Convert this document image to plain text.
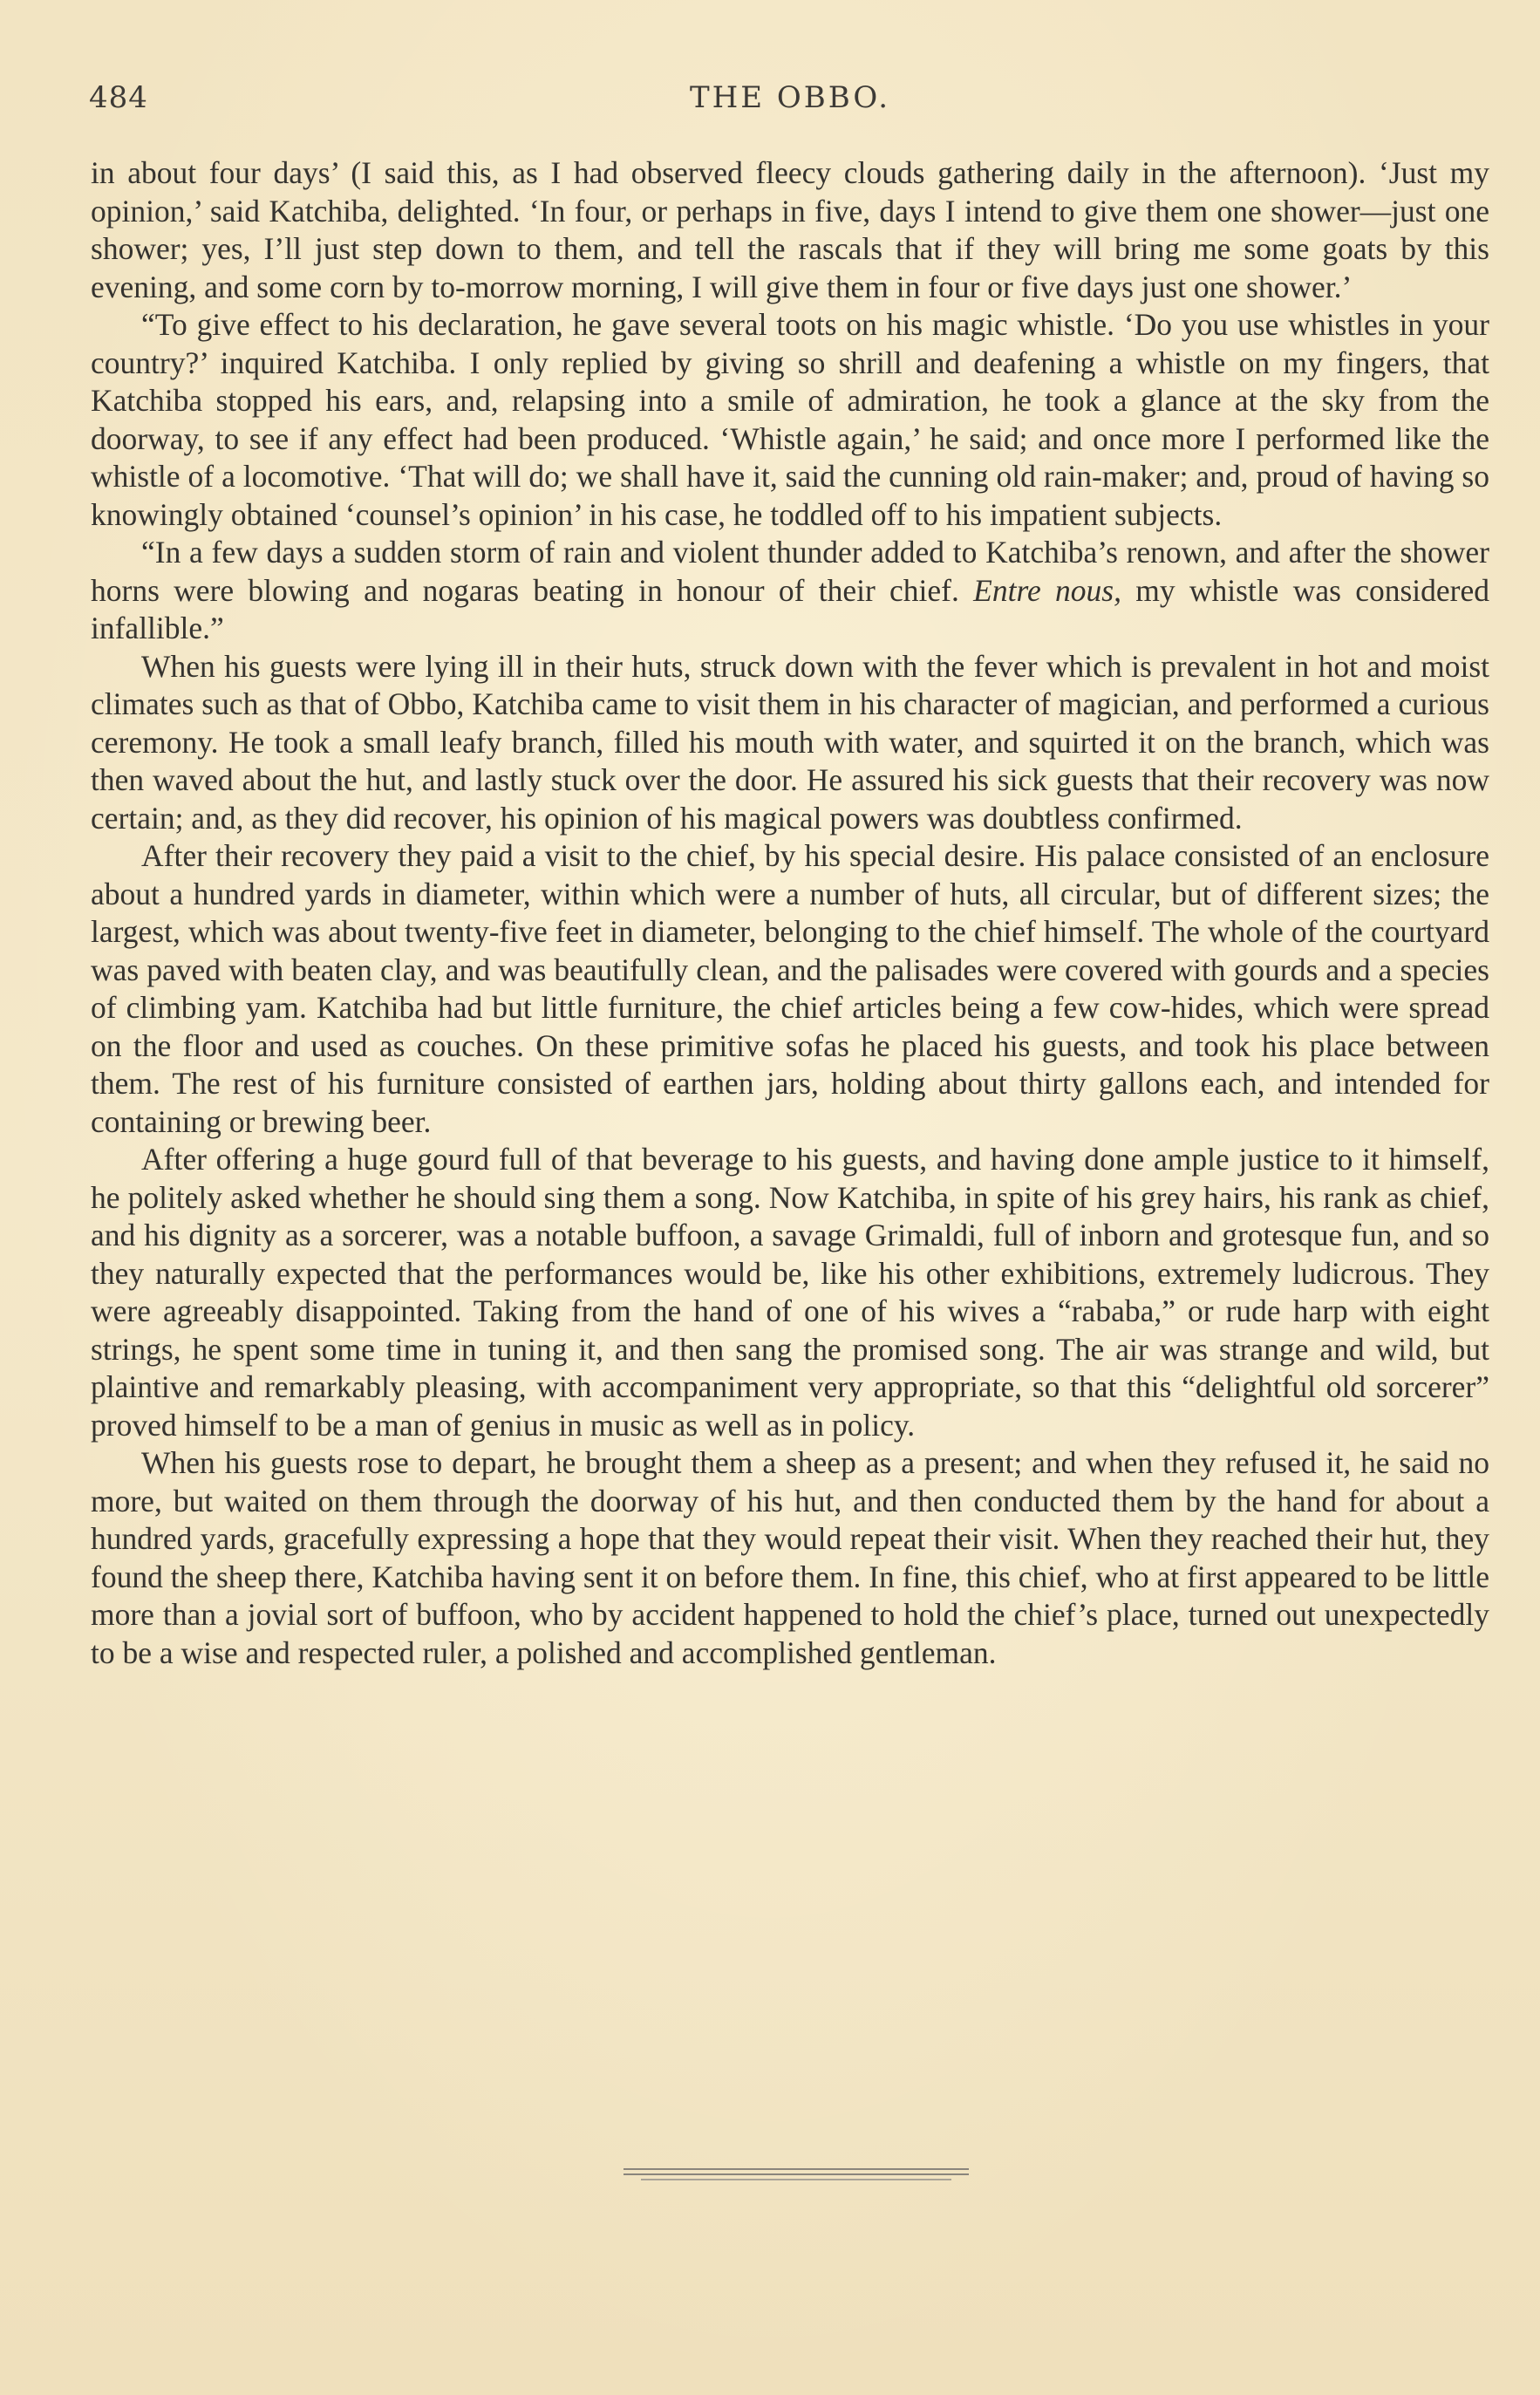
484	THE OBBO.

in about four days’ (I said this, as I had observed fleecy clouds gathering daily in the afternoon). ‘Just my opinion,’ said Katchiba, delighted. ‘In four, or perhaps in five, days I intend to give them one shower—just one shower; yes, I’ll just step down to them, and tell the rascals that if they will bring me some goats by this evening, and some corn by to-morrow morning, I will give them in four or five days just one shower.’

“To give effect to his declaration, he gave several toots on his magic whistle. ‘Do you use whistles in your country?’ inquired Katchiba. I only replied by giving so shrill and deafening a whistle on my fingers, that Katchiba stopped his ears, and, relapsing into a smile of admiration, he took a glance at the sky from the doorway, to see if any effect had been produced. ‘Whistle again,’ he said; and once more I performed like the whistle of a locomotive. ‘That will do; we shall have it, said the cunning old rain-maker; and, proud of having so knowingly obtained ‘counsel’s opinion’ in his case, he toddled off to his impatient subjects.

“In a few days a sudden storm of rain and violent thunder added to Katchiba’s renown, and after the shower horns were blowing and nogaras beating in honour of their chief. Entre nous, my whistle was considered infallible.”

When his guests were lying ill in their huts, struck down with the fever which is prevalent in hot and moist climates such as that of Obbo, Katchiba came to visit them in his character of magician, and performed a curious ceremony. He took a small leafy branch, filled his mouth with water, and squirted it on the branch, which was then waved about the hut, and lastly stuck over the door. He assured his sick guests that their recovery was now certain; and, as they did recover, his opinion of his magical powers was doubtless confirmed.

After their recovery they paid a visit to the chief, by his special desire. His palace consisted of an enclosure about a hundred yards in diameter, within which were a number of huts, all circular, but of different sizes; the largest, which was about twenty-five feet in diameter, belonging to the chief himself. The whole of the courtyard was paved with beaten clay, and was beautifully clean, and the palisades were covered with gourds and a species of climbing yam. Katchiba had but little furniture, the chief articles being a few cow-hides, which were spread on the floor and used as couches. On these primitive sofas he placed his guests, and took his place between them. The rest of his furniture consisted of earthen jars, holding about thirty gallons each, and intended for containing or brewing beer.

After offering a huge gourd full of that beverage to his guests, and having done ample justice to it himself, he politely asked whether he should sing them a song. Now Katchiba, in spite of his grey hairs, his rank as chief, and his dignity as a sorcerer, was a notable buffoon, a savage Grimaldi, full of inborn and grotesque fun, and so they naturally expected that the performances would be, like his other exhibitions, extremely ludicrous. They were agreeably disappointed. Taking from the hand of one of his wives a “rababa,” or rude harp with eight strings, he spent some time in tuning it, and then sang the promised song. The air was strange and wild, but plaintive and remarkably pleasing, with accompaniment very appropriate, so that this “delightful old sorcerer” proved himself to be a man of genius in music as well as in policy.

When his guests rose to depart, he brought them a sheep as a present; and when they refused it, he said no more, but waited on them through the doorway of his hut, and then conducted them by the hand for about a hundred yards, gracefully expressing a hope that they would repeat their visit. When they reached their hut, they found the sheep there, Katchiba having sent it on before them. In fine, this chief, who at first appeared to be little more than a jovial sort of buffoon, who by accident happened to hold the chief’s place, turned out unexpectedly to be a wise and respected ruler, a polished and accomplished gentleman.
